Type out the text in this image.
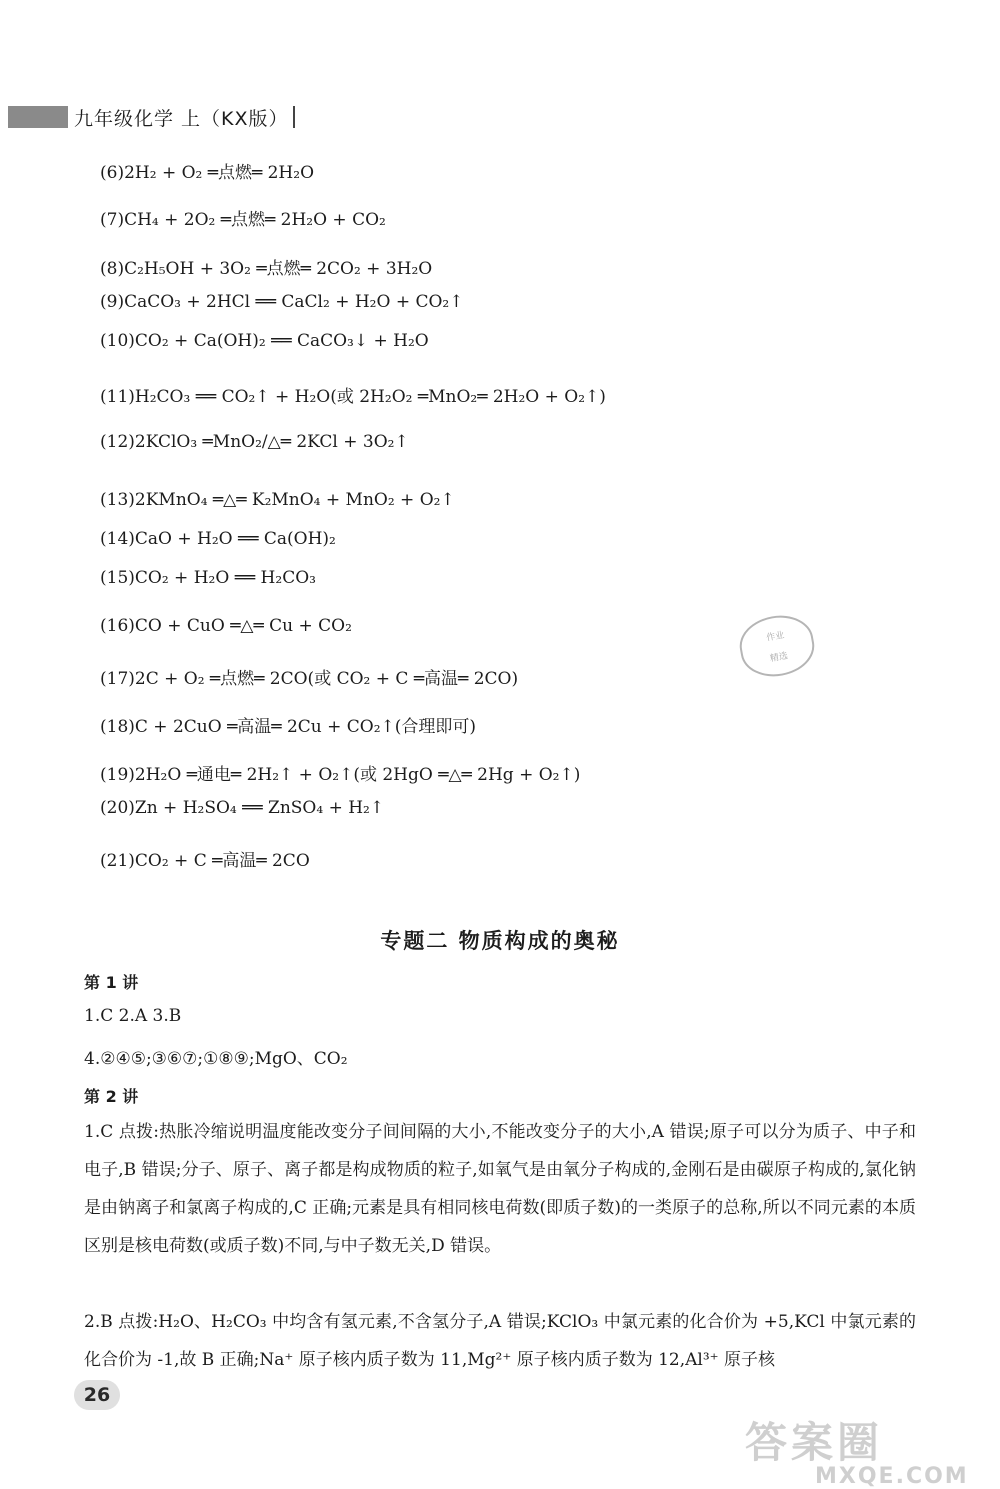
九年级化学 上（KX版）
(6)2H₂ + O₂ ═点燃═ 2H₂O
(7)CH₄ + 2O₂ ═点燃═ 2H₂O + CO₂
(8)C₂H₅OH + 3O₂ ═点燃═ 2CO₂ + 3H₂O
(9)CaCO₃ + 2HCl ══ CaCl₂ + H₂O + CO₂↑
(10)CO₂ + Ca(OH)₂ ══ CaCO₃↓ + H₂O
(11)H₂CO₃ ══ CO₂↑ + H₂O(或 2H₂O₂ ═MnO₂═ 2H₂O + O₂↑)
(12)2KClO₃ ═MnO₂/△═ 2KCl + 3O₂↑
(13)2KMnO₄ ═△═ K₂MnO₄ + MnO₂ + O₂↑
(14)CaO + H₂O ══ Ca(OH)₂
(15)CO₂ + H₂O ══ H₂CO₃
(16)CO + CuO ═△═ Cu + CO₂
(17)2C + O₂ ═点燃═ 2CO(或 CO₂ + C ═高温═ 2CO)
(18)C + 2CuO ═高温═ 2Cu + CO₂↑(合理即可)
(19)2H₂O ═通电═ 2H₂↑ + O₂↑(或 2HgO ═△═ 2Hg + O₂↑)
(20)Zn + H₂SO₄ ══ ZnSO₄ + H₂↑
(21)CO₂ + C ═高温═ 2CO
作业
精选
专题二 物质构成的奥秘
第 1 讲
1.C 2.A 3.B
4.②④⑤;③⑥⑦;①⑧⑨;MgO、CO₂
第 2 讲

1.C 点拨:热胀冷缩说明温度能改变分子间间隔的大小,不能改变分子的大小,A 错误;原子可以分为质子、中子和电子,B 错误;分子、原子、离子都是构成物质的粒子,如氧气是由氧分子构成的,金刚石是由碳原子构成的,氯化钠是由钠离子和氯离子构成的,C 正确;元素是具有相同核电荷数(即质子数)的一类原子的总称,所以不同元素的本质区别是核电荷数(或质子数)不同,与中子数无关,D 错误。

2.B 点拨:H₂O、H₂CO₃ 中均含有氢元素,不含氢分子,A 错误;KClO₃ 中氯元素的化合价为 +5,KCl 中氯元素的化合价为 -1,故 B 正确;Na⁺ 原子核内质子数为 11,Mg²⁺ 原子核内质子数为 12,Al³⁺ 原子核

26
答案圈
MXQE.COM
